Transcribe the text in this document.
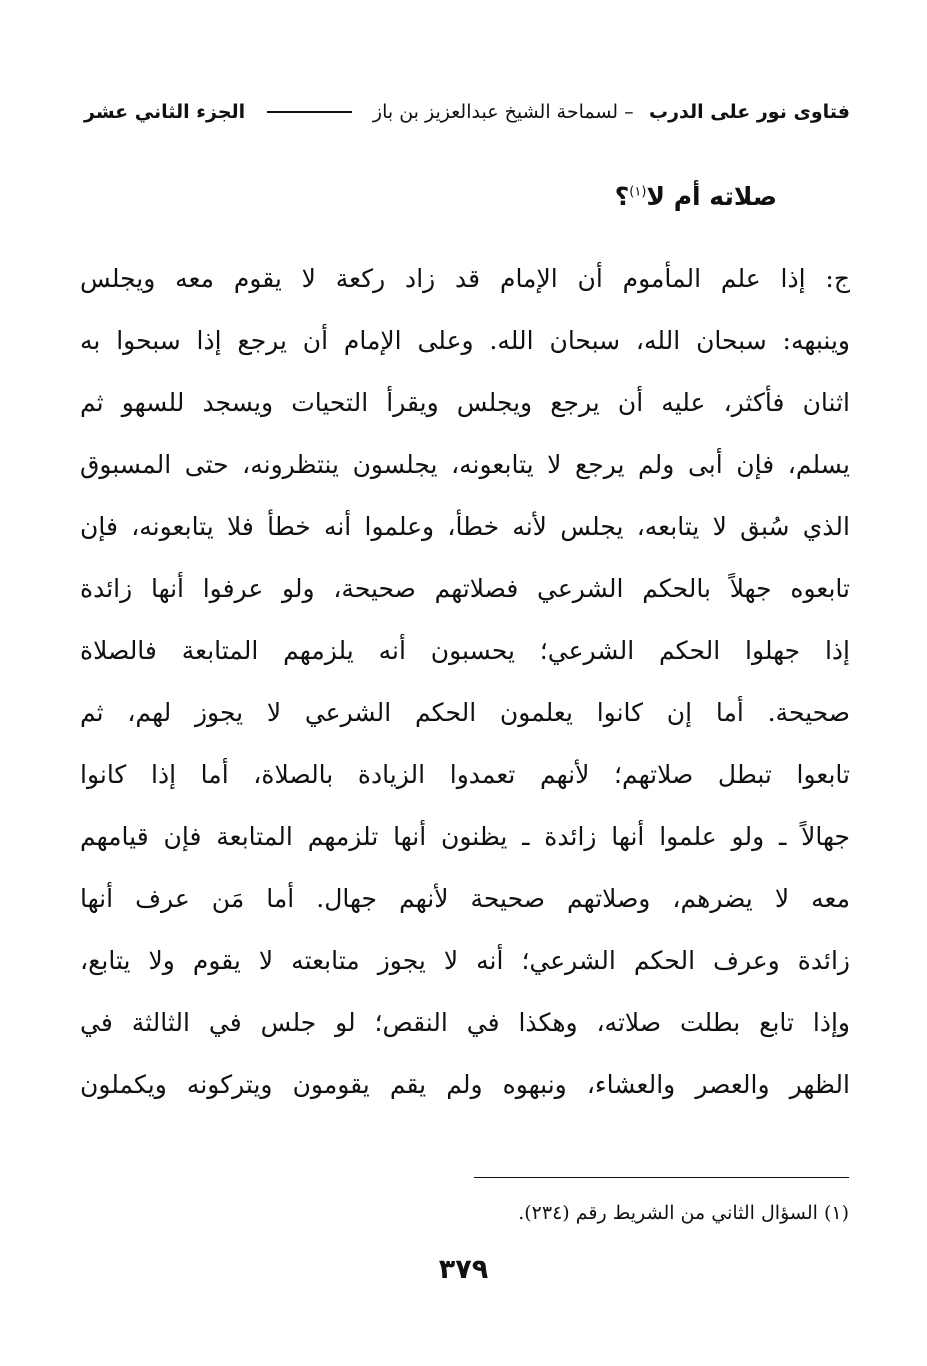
فتاوى نور على الدرب
– لسماحة الشيخ عبدالعزيز بن باز
الجزء الثاني عشر
صلاته أم لا$^{(١)}$؟
ج: إذا علم المأموم أن الإمام قد زاد ركعة لا يقوم معه ويجلس
وينبهه: سبحان الله، سبحان الله. وعلى الإمام أن يرجع إذا سبحوا به
اثنان فأكثر، عليه أن يرجع ويجلس ويقرأ التحيات ويسجد للسهو ثم
يسلم، فإن أبى ولم يرجع لا يتابعونه، يجلسون ينتظرونه، حتى المسبوق
الذي سُبق لا يتابعه، يجلس لأنه خطأ، وعلموا أنه خطأ فلا يتابعونه، فإن
تابعوه جهلاً بالحكم الشرعي فصلاتهم صحيحة، ولو عرفوا أنها زائدة
إذا جهلوا الحكم الشرعي؛ يحسبون أنه يلزمهم المتابعة فالصلاة
صحيحة. أما إن كانوا يعلمون الحكم الشرعي لا يجوز لهم، ثم
تابعوا تبطل صلاتهم؛ لأنهم تعمدوا الزيادة بالصلاة، أما إذا كانوا
جهالاً ـ ولو علموا أنها زائدة ـ يظنون أنها تلزمهم المتابعة فإن قيامهم
معه لا يضرهم، وصلاتهم صحيحة لأنهم جهال. أما مَن عرف أنها
زائدة وعرف الحكم الشرعي؛ أنه لا يجوز متابعته لا يقوم ولا يتابع،
وإذا تابع بطلت صلاته، وهكذا في النقص؛ لو جلس في الثالثة في
الظهر والعصر والعشاء، ونبهوه ولم يقم يقومون ويتركونه ويكملون
(١) السؤال الثاني من الشريط رقم (٢٣٤).
٣٧٩
